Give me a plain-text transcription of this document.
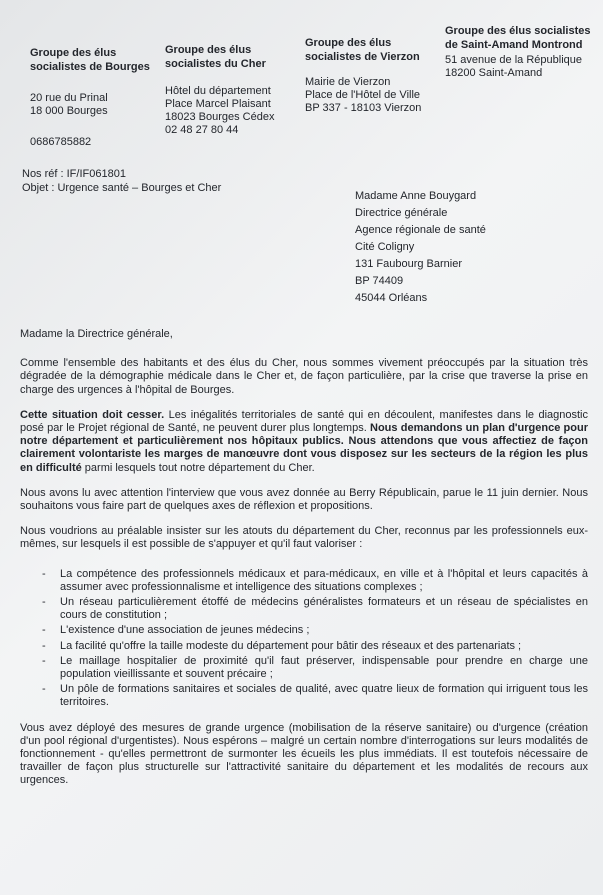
Groupe des élus socialistes de Bourges
20 rue du Prinal
18 000 Bourges
0686785882
Groupe des élus socialistes du Cher
Hôtel du département
Place Marcel Plaisant
18023 Bourges Cédex
02 48 27 80 44
Groupe des élus socialistes de Vierzon
Mairie de Vierzon
Place de l'Hôtel de Ville
BP 337 - 18103 Vierzon
Groupe des élus socialistes de Saint-Amand Montrond
51 avenue de la République
18200 Saint-Amand
Nos réf : IF/IF061801
Objet : Urgence santé – Bourges et Cher
Madame Anne Bouygard
Directrice générale
Agence régionale de santé
Cité Coligny
131 Faubourg Barnier
BP 74409
45044 Orléans

Madame la Directrice générale,

Comme l'ensemble des habitants et des élus du Cher, nous sommes vivement préoccupés par la situation très dégradée de la démographie médicale dans le Cher et, de façon particulière, par la crise que traverse la prise en charge des urgences à l'hôpital de Bourges.

Cette situation doit cesser. Les inégalités territoriales de santé qui en découlent, manifestes dans le diagnostic posé par le Projet régional de Santé, ne peuvent durer plus longtemps. Nous demandons un plan d'urgence pour notre département et particulièrement nos hôpitaux publics. Nous attendons que vous affectiez de façon clairement volontariste les marges de manœuvre dont vous disposez sur les secteurs de la région les plus en difficulté parmi lesquels tout notre département du Cher.

Nous avons lu avec attention l'interview que vous avez donnée au Berry Républicain, parue le 11 juin dernier. Nous souhaitons vous faire part de quelques axes de réflexion et propositions.

Nous voudrions au préalable insister sur les atouts du département du Cher, reconnus par les professionnels eux-mêmes, sur lesquels il est possible de s'appuyer et qu'il faut valoriser :

- La compétence des professionnels médicaux et para-médicaux, en ville et à l'hôpital et leurs capacités à assumer avec professionnalisme et intelligence des situations complexes ;
- Un réseau particulièrement étoffé de médecins généralistes formateurs et un réseau de spécialistes en cours de constitution ;
- L'existence d'une association de jeunes médecins ;
- La facilité qu'offre la taille modeste du département pour bâtir des réseaux et des partenariats ;
- Le maillage hospitalier de proximité qu'il faut préserver, indispensable pour prendre en charge une population vieillissante et souvent précaire ;
- Un pôle de formations sanitaires et sociales de qualité, avec quatre lieux de formation qui irriguent tous les territoires.

Vous avez déployé des mesures de grande urgence (mobilisation de la réserve sanitaire) ou d'urgence (création d'un pool régional d'urgentistes). Nous espérons – malgré un certain nombre d'interrogations sur leurs modalités de fonctionnement - qu'elles permettront de surmonter les écueils les plus immédiats. Il est toutefois nécessaire de travailler de façon plus structurelle sur l'attractivité sanitaire du département et les modalités de recours aux urgences.
